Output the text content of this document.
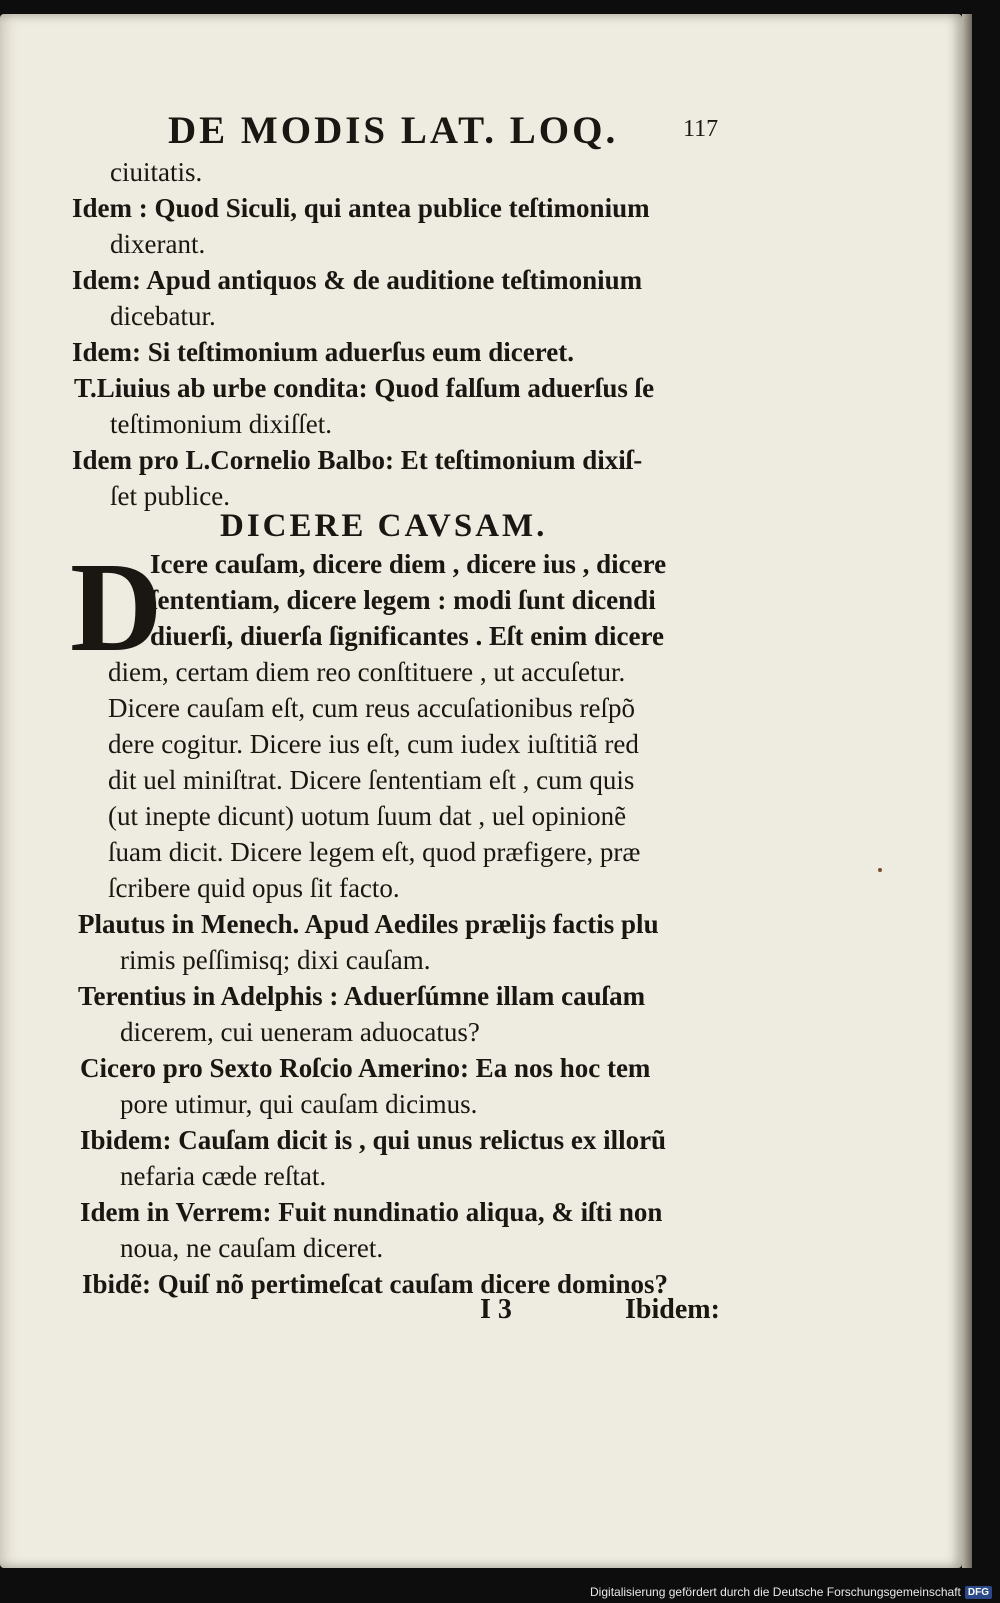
DE MODIS LAT. LOQ.	117
ciuitatis.
Idem : Quod Siculi, qui antea publice teſtimonium
dixerant.
Idem: Apud antiquos & de auditione teſtimonium
dicebatur.
Idem: Si teſtimonium aduerſus eum diceret.
T.Liuius ab urbe condita: Quod falſum aduerſus ſe
teſtimonium dixiſſet.
Idem pro L.Cornelio Balbo: Et teſtimonium dixiſ-
ſet publice.
Icere cauſam, dicere diem , dicere ius , dicere
ſententiam, dicere legem : modi ſunt dicendi
diuerſi, diuerſa ſignificantes . Eſt enim dicere
diem, certam diem reo conſtituere , ut accuſetur.
Dicere cauſam eſt, cum reus accuſationibus reſpõ
dere cogitur. Dicere ius eſt, cum iudex iuſtitiã red
dit uel miniſtrat. Dicere ſententiam eſt , cum quis
(ut inepte dicunt) uotum ſuum dat , uel opinionẽ
ſuam dicit. Dicere legem eſt, quod præfigere, præ
ſcribere quid opus ſit facto.
Plautus in Menech. Apud Aediles prælijs factis plu
rimis peſſimisq; dixi cauſam.
Terentius in Adelphis : Aduerſúmne illam cauſam
dicerem, cui ueneram aduocatus?
Cicero pro Sexto Roſcio Amerino: Ea nos hoc tem
pore utimur, qui cauſam dicimus.
Ibidem: Cauſam dicit is , qui unus relictus ex illorũ
nefaria cæde reſtat.
Idem in Verrem: Fuit nundinatio aliqua, & iſti non
noua, ne cauſam diceret.
Ibidẽ: Quiſ nõ pertimeſcat cauſam dicere dominos?
DICERE CAVSAM.
D
I 3	Ibidem:
Digitalisierung gefördert durch die Deutsche Forschungsgemeinschaft DFG
